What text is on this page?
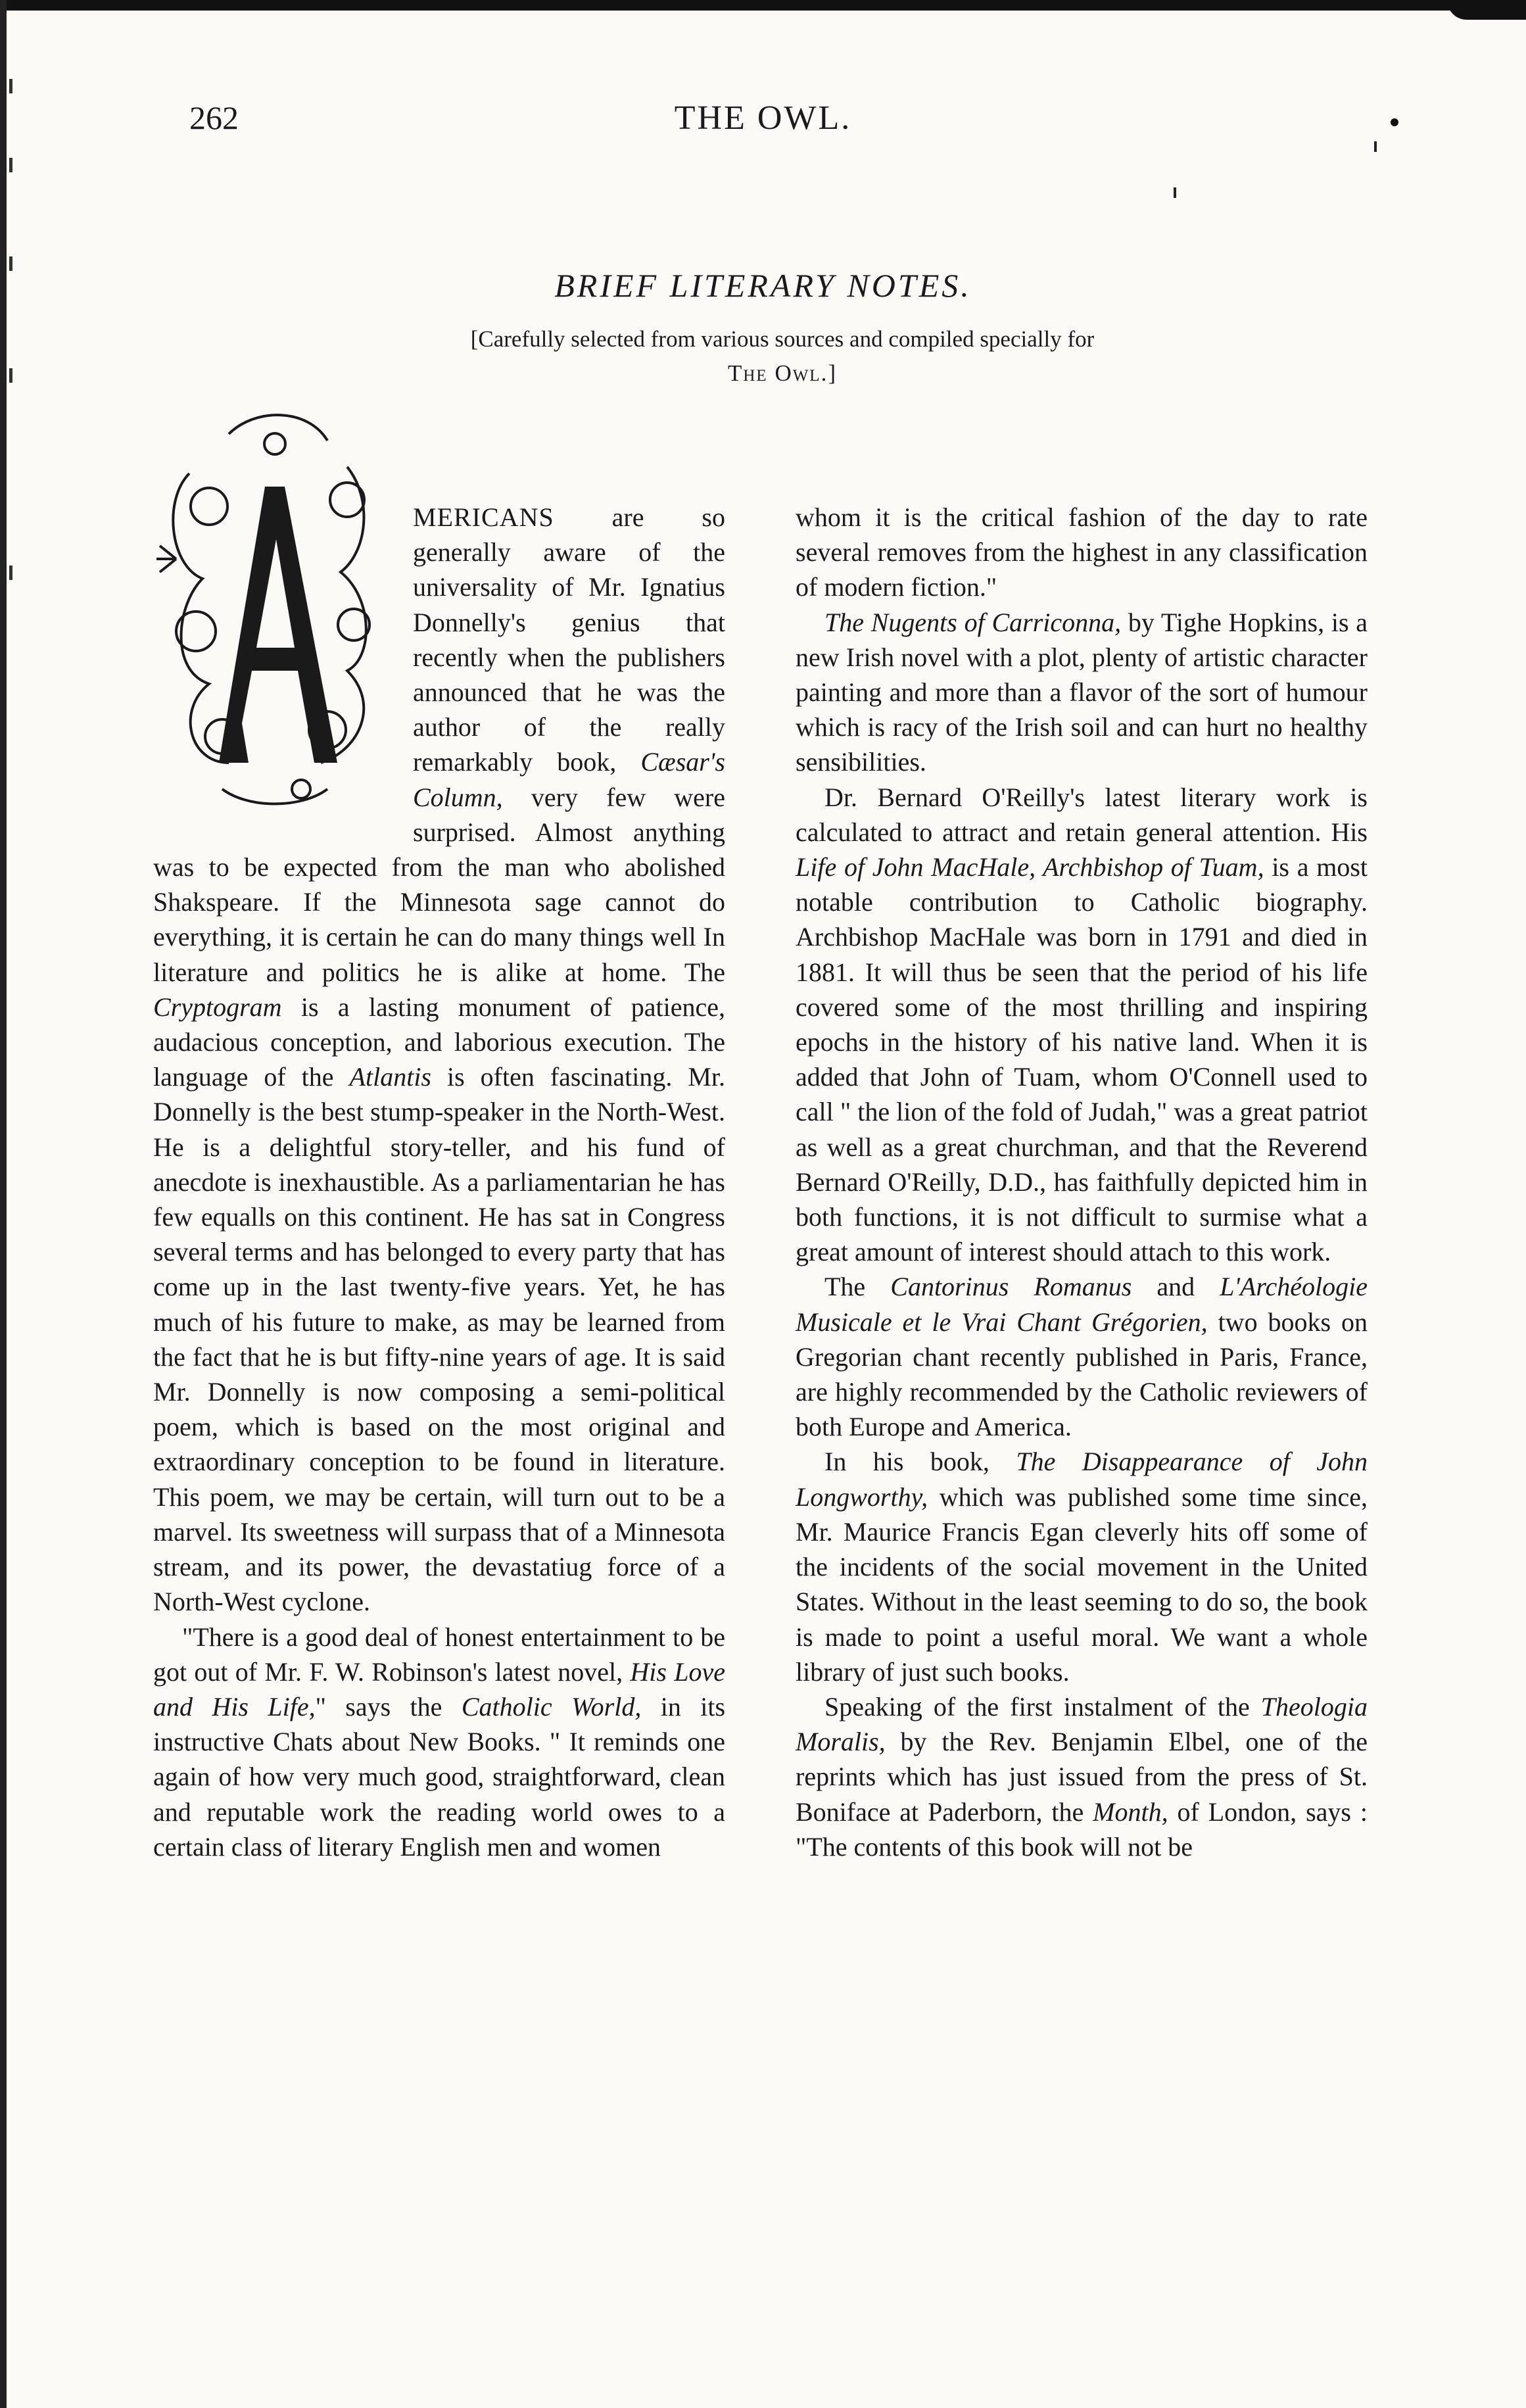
262	THE OWL.
BRIEF LITERARY NOTES.
[Carefully selected from various sources and compiled specially for
The Owl.]

MERICANS are so generally aware of the universality of Mr. Ignatius Donnelly's genius that recently when the publishers announced that he was the author of the really remarkably book, Cæsar's Column, very few were surprised. Almost anything was to be expected from the man who abolished Shakspeare. If the Minnesota sage cannot do everything, it is certain he can do many things well In literature and politics he is alike at home. The Cryptogram is a lasting monument of patience, audacious conception, and laborious execution. The language of the Atlantis is often fascinating. Mr. Donnelly is the best stump-speaker in the North-West. He is a delightful story-teller, and his fund of anecdote is inexhaustible. As a parliamentarian he has few equalls on this continent. He has sat in Congress several terms and has belonged to every party that has come up in the last twenty-five years. Yet, he has much of his future to make, as may be learned from the fact that he is but fifty-nine years of age. It is said Mr. Donnelly is now composing a semi-political poem, which is based on the most original and extraordinary conception to be found in literature. This poem, we may be certain, will turn out to be a marvel. Its sweetness will surpass that of a Minnesota stream, and its power, the devastatiug force of a North-West cyclone.

"There is a good deal of honest entertainment to be got out of Mr. F. W. Robinson's latest novel, His Love and His Life," says the Catholic World, in its instructive Chats about New Books. " It reminds one again of how very much good, straightforward, clean and reputable work the reading world owes to a certain class of literary English men and women

whom it is the critical fashion of the day to rate several removes from the highest in any classification of modern fiction."

The Nugents of Carriconna, by Tighe Hopkins, is a new Irish novel with a plot, plenty of artistic character painting and more than a flavor of the sort of humour which is racy of the Irish soil and can hurt no healthy sensibilities.

Dr. Bernard O'Reilly's latest literary work is calculated to attract and retain general attention. His Life of John MacHale, Archbishop of Tuam, is a most notable contribution to Catholic biography. Archbishop MacHale was born in 1791 and died in 1881. It will thus be seen that the period of his life covered some of the most thrilling and inspiring epochs in the history of his native land. When it is added that John of Tuam, whom O'Connell used to call " the lion of the fold of Judah," was a great patriot as well as a great churchman, and that the Reverend Bernard O'Reilly, D.D., has faithfully depicted him in both functions, it is not difficult to surmise what a great amount of interest should attach to this work.

The Cantorinus Romanus and L'Archéologie Musicale et le Vrai Chant Grégorien, two books on Gregorian chant recently published in Paris, France, are highly recommended by the Catholic reviewers of both Europe and America.

In his book, The Disappearance of John Longworthy, which was published some time since, Mr. Maurice Francis Egan cleverly hits off some of the incidents of the social movement in the United States. Without in the least seeming to do so, the book is made to point a useful moral. We want a whole library of just such books.

Speaking of the first instalment of the Theologia Moralis, by the Rev. Benjamin Elbel, one of the reprints which has just issued from the press of St. Boniface at Paderborn, the Month, of London, says : "The contents of this book will not be
